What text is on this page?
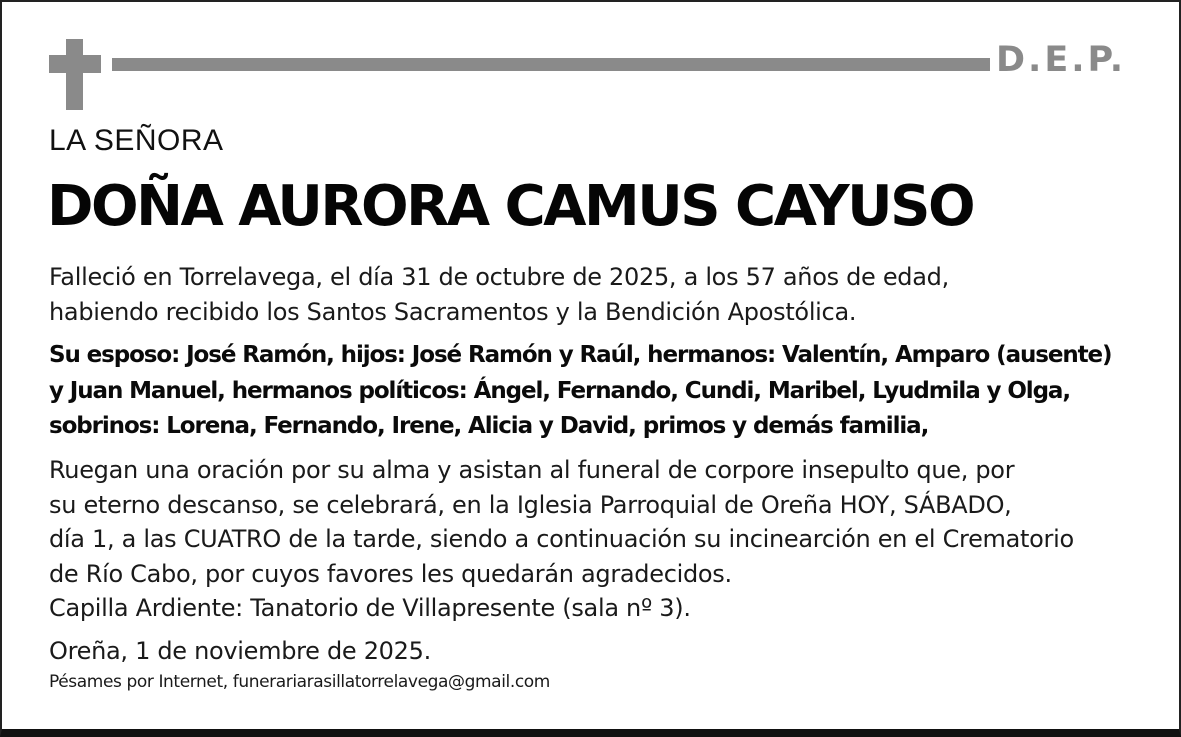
D.E.P.
LA SEÑORA
DOÑA AURORA CAMUS CAYUSO
Falleció en Torrelavega, el día 31 de octubre de 2025, a los 57 años de edad,
habiendo recibido los Santos Sacramentos y la Bendición Apostólica.
Su esposo: José Ramón, hijos: José Ramón y Raúl, hermanos: Valentín, Amparo (ausente)
y Juan Manuel, hermanos políticos: Ángel, Fernando, Cundi, Maribel, Lyudmila y Olga,
sobrinos: Lorena, Fernando, Irene, Alicia y David, primos y demás familia,
Ruegan una oración por su alma y asistan al funeral de corpore insepulto que, por
su eterno descanso, se celebrará, en la Iglesia Parroquial de Oreña HOY, SÁBADO,
día 1, a las CUATRO de la tarde, siendo a continuación su incinearción en el Crematorio
de Río Cabo, por cuyos favores les quedarán agradecidos.
Capilla Ardiente: Tanatorio de Villapresente (sala nº 3).
Oreña, 1 de noviembre de 2025.
Pésames por Internet, funerariarasillatorrelavega@gmail.com
